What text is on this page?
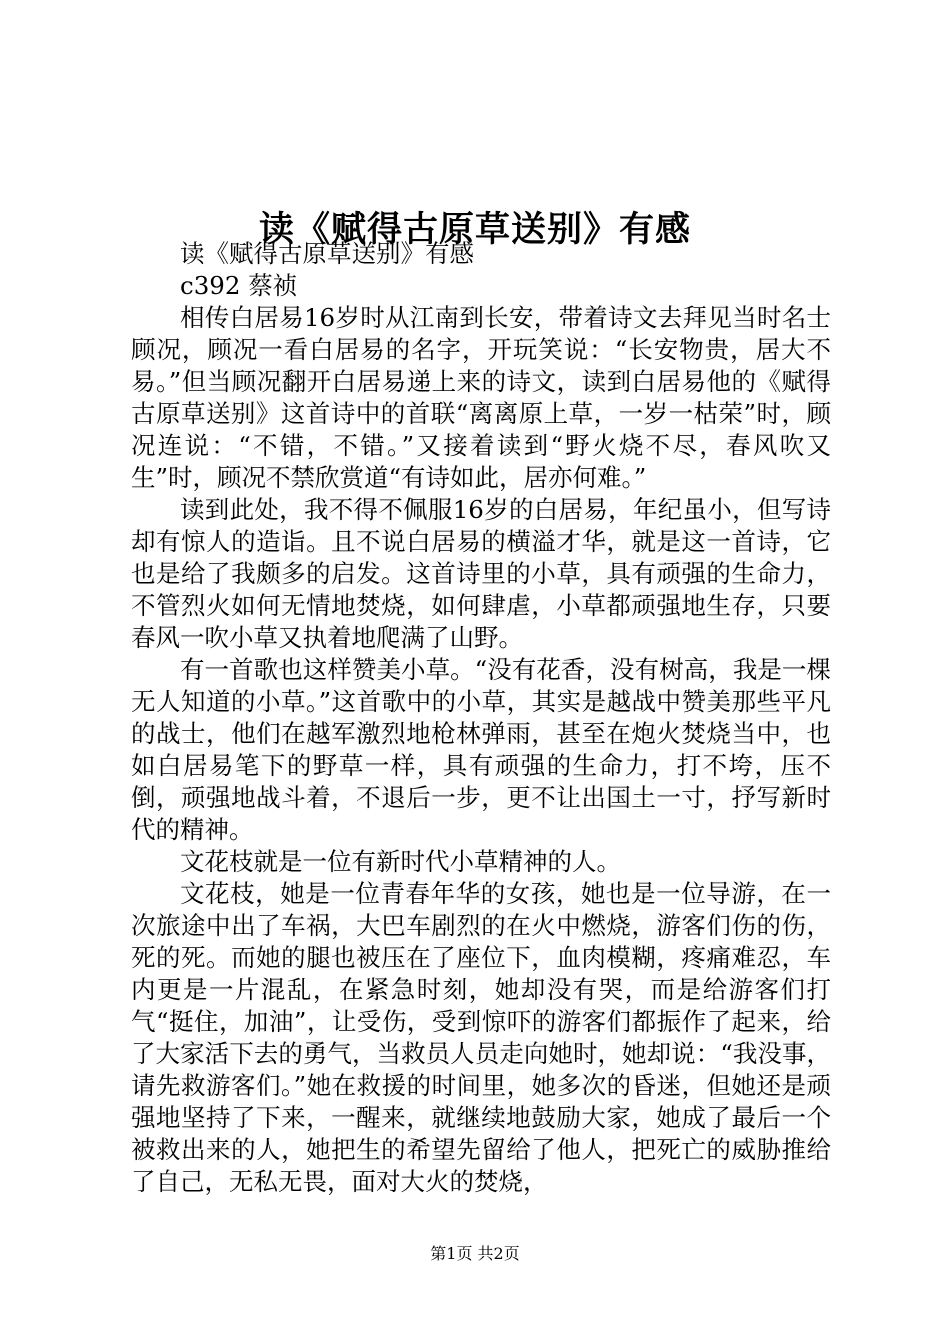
读《赋得古原草送别》有感

读《赋得古原草送别》有感

c392 蔡祯

相传白居易16岁时从江南到长安，带着诗文去拜见当时名士顾况，顾况一看白居易的名字，开玩笑说：“长安物贵，居大不易。”但当顾况翻开白居易递上来的诗文，读到白居易他的《赋得古原草送别》这首诗中的首联“离离原上草，一岁一枯荣”时，顾况连说：“不错，不错。”又接着读到“野火烧不尽，春风吹又生”时，顾况不禁欣赏道“有诗如此，居亦何难。”

读到此处，我不得不佩服16岁的白居易，年纪虽小，但写诗却有惊人的造诣。且不说白居易的横溢才华，就是这一首诗，它也是给了我颇多的启发。这首诗里的小草，具有顽强的生命力，不管烈火如何无情地焚烧，如何肆虐，小草都顽强地生存，只要春风一吹小草又执着地爬满了山野。

有一首歌也这样赞美小草。“没有花香，没有树高，我是一棵无人知道的小草。”这首歌中的小草，其实是越战中赞美那些平凡的战士，他们在越军激烈地枪林弹雨，甚至在炮火焚烧当中，也如白居易笔下的野草一样，具有顽强的生命力，打不垮，压不倒，顽强地战斗着，不退后一步，更不让出国土一寸，抒写新时代的精神。

文花枝就是一位有新时代小草精神的人。

文花枝，她是一位青春年华的女孩，她也是一位导游，在一次旅途中出了车祸，大巴车剧烈的在火中燃烧，游客们伤的伤，死的死。而她的腿也被压在了座位下，血肉模糊，疼痛难忍，车内更是一片混乱，在紧急时刻，她却没有哭，而是给游客们打气“挺住，加油”，让受伤，受到惊吓的游客们都振作了起来，给了大家活下去的勇气，当救员人员走向她时，她却说：“我没事，请先救游客们。”她在救援的时间里，她多次的昏迷，但她还是顽强地坚持了下来，一醒来，就继续地鼓励大家，她成了最后一个被救出来的人，她把生的希望先留给了他人，把死亡的威胁推给了自己，无私无畏，面对大火的焚烧，

第1页 共2页
